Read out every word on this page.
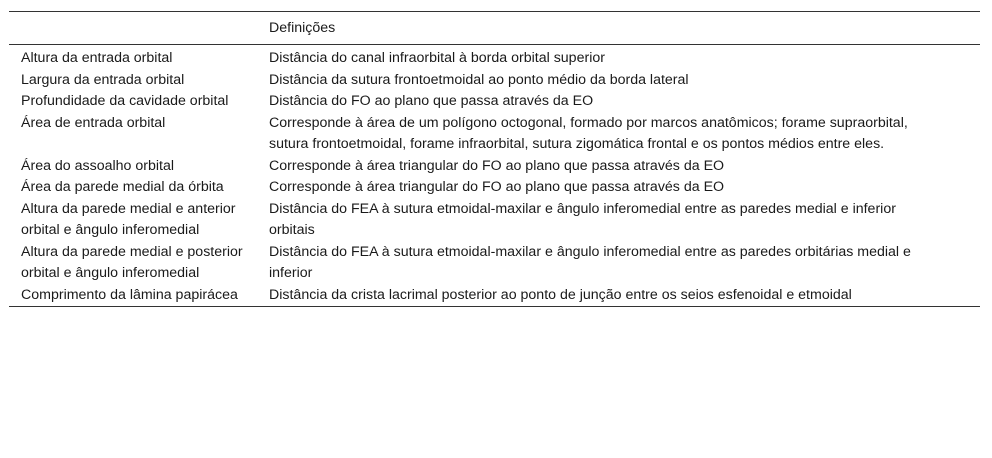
	Definições
Altura da entrada orbital	Distância do canal infraorbital à borda orbital superior
Largura da entrada orbital	Distância da sutura frontoetmoidal ao ponto médio da borda lateral
Profundidade da cavidade orbital	Distância do FO ao plano que passa através da EO
Área de entrada orbital	Corresponde à área de um polígono octogonal, formado por marcos anatômicos; forame supraorbital, sutura frontoetmoidal, forame infraorbital, sutura zigomática frontal e os pontos médios entre eles.
Área do assoalho orbital	Corresponde à área triangular do FO ao plano que passa através da EO
Área da parede medial da órbita	Corresponde à área triangular do FO ao plano que passa através da EO
Altura da parede medial e anterior orbital e ângulo inferomedial	Distância do FEA à sutura etmoidal-maxilar e ângulo inferomedial entre as paredes medial e inferior orbitais
Altura da parede medial e posterior orbital e ângulo inferomedial	Distância do FEA à sutura etmoidal-maxilar e ângulo inferomedial entre as paredes orbitárias medial e inferior
Comprimento da lâmina papirácea	Distância da crista lacrimal posterior ao ponto de junção entre os seios esfenoidal e etmoidal
